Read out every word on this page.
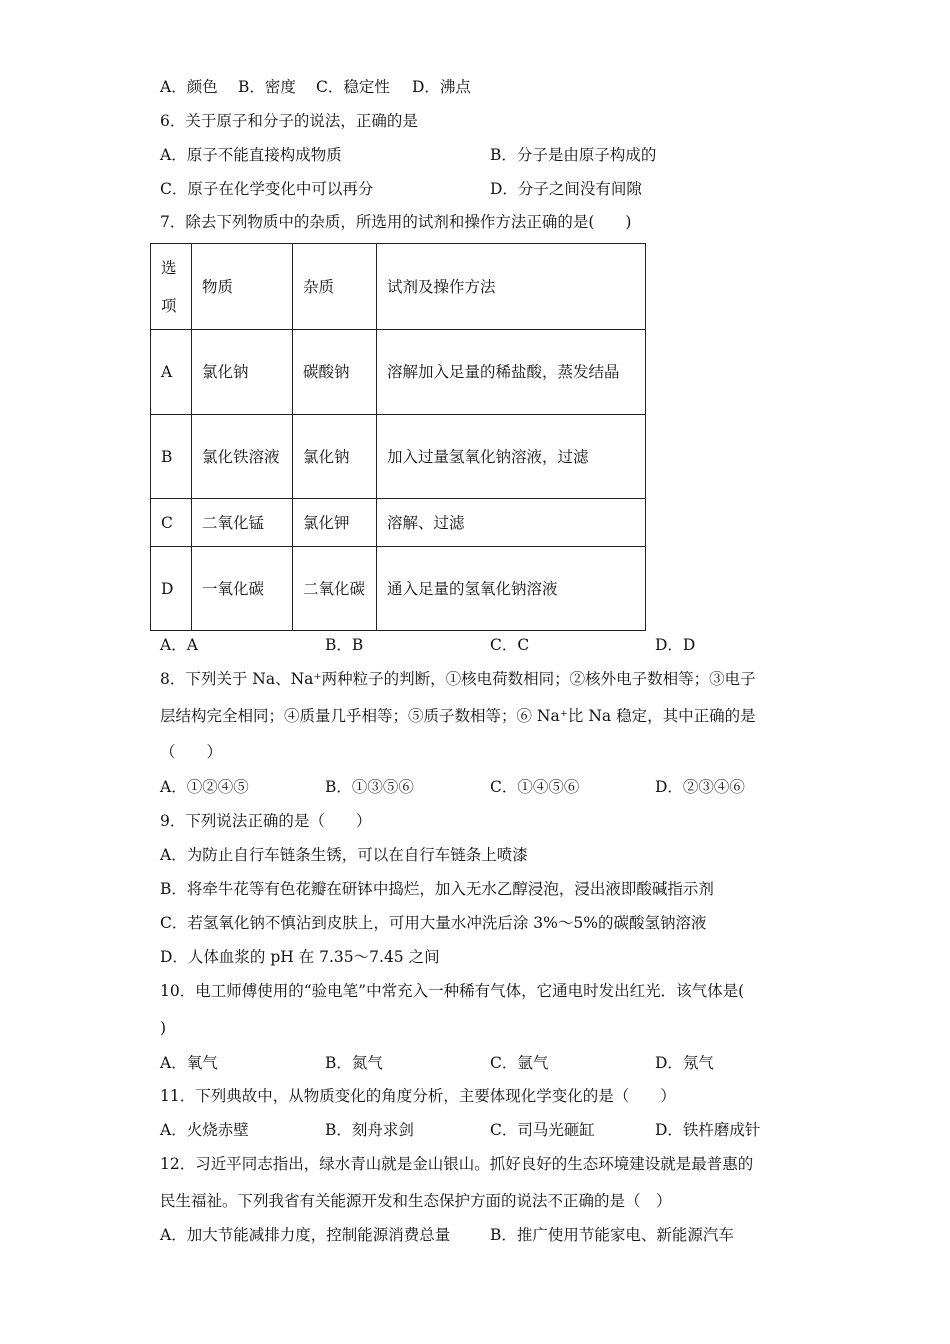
A．颜色 B．密度 C．稳定性 D．沸点
6．关于原子和分子的说法，正确的是
A．原子不能直接构成物质	B．分子是由原子构成的
C．原子在化学变化中可以再分	D．分子之间没有间隙
7．除去下列物质中的杂质，所选用的试剂和操作方法正确的是(　　)
选项	物质	杂质	试剂及操作方法
A	氯化钠	碳酸钠	溶解加入足量的稀盐酸，蒸发结晶
B	氯化铁溶液	氯化钠	加入过量氢氧化钠溶液，过滤
C	二氧化锰	氯化钾	溶解、过滤
D	一氧化碳	二氧化碳	通入足量的氢氧化钠溶液
A．A	B．B	C．C	D．D
8．下列关于 Na、Na⁺两种粒子的判断，①核电荷数相同；②核外电子数相等；③电子
层结构完全相同；④质量几乎相等；⑤质子数相等；⑥ Na⁺比 Na 稳定，其中正确的是
（　　）
A．①②④⑤	B．①③⑤⑥	C．①④⑤⑥	D．②③④⑥
9．下列说法正确的是（　　）
A．为防止自行车链条生锈，可以在自行车链条上喷漆
B．将牵牛花等有色花瓣在研钵中捣烂，加入无水乙醇浸泡，浸出液即酸碱指示剂
C．若氢氧化钠不慎沾到皮肤上，可用大量水冲洗后涂 3%～5%的碳酸氢钠溶液
D．人体血浆的 pH 在 7.35～7.45 之间
10．电工师傅使用的“验电笔”中常充入一种稀有气体，它通电时发出红光．该气体是(
)
A．氧气	B．氮气	C．氩气	D．氖气
11．下列典故中，从物质变化的角度分析，主要体现化学变化的是（　　）
A．火烧赤壁	B．刻舟求剑	C．司马光砸缸	D．铁杵磨成针
12．习近平同志指出，绿水青山就是金山银山。抓好良好的生态环境建设就是最普惠的
民生福祉。下列我省有关能源开发和生态保护方面的说法不正确的是（　）
A．加大节能减排力度，控制能源消费总量	B．推广使用节能家电、新能源汽车
